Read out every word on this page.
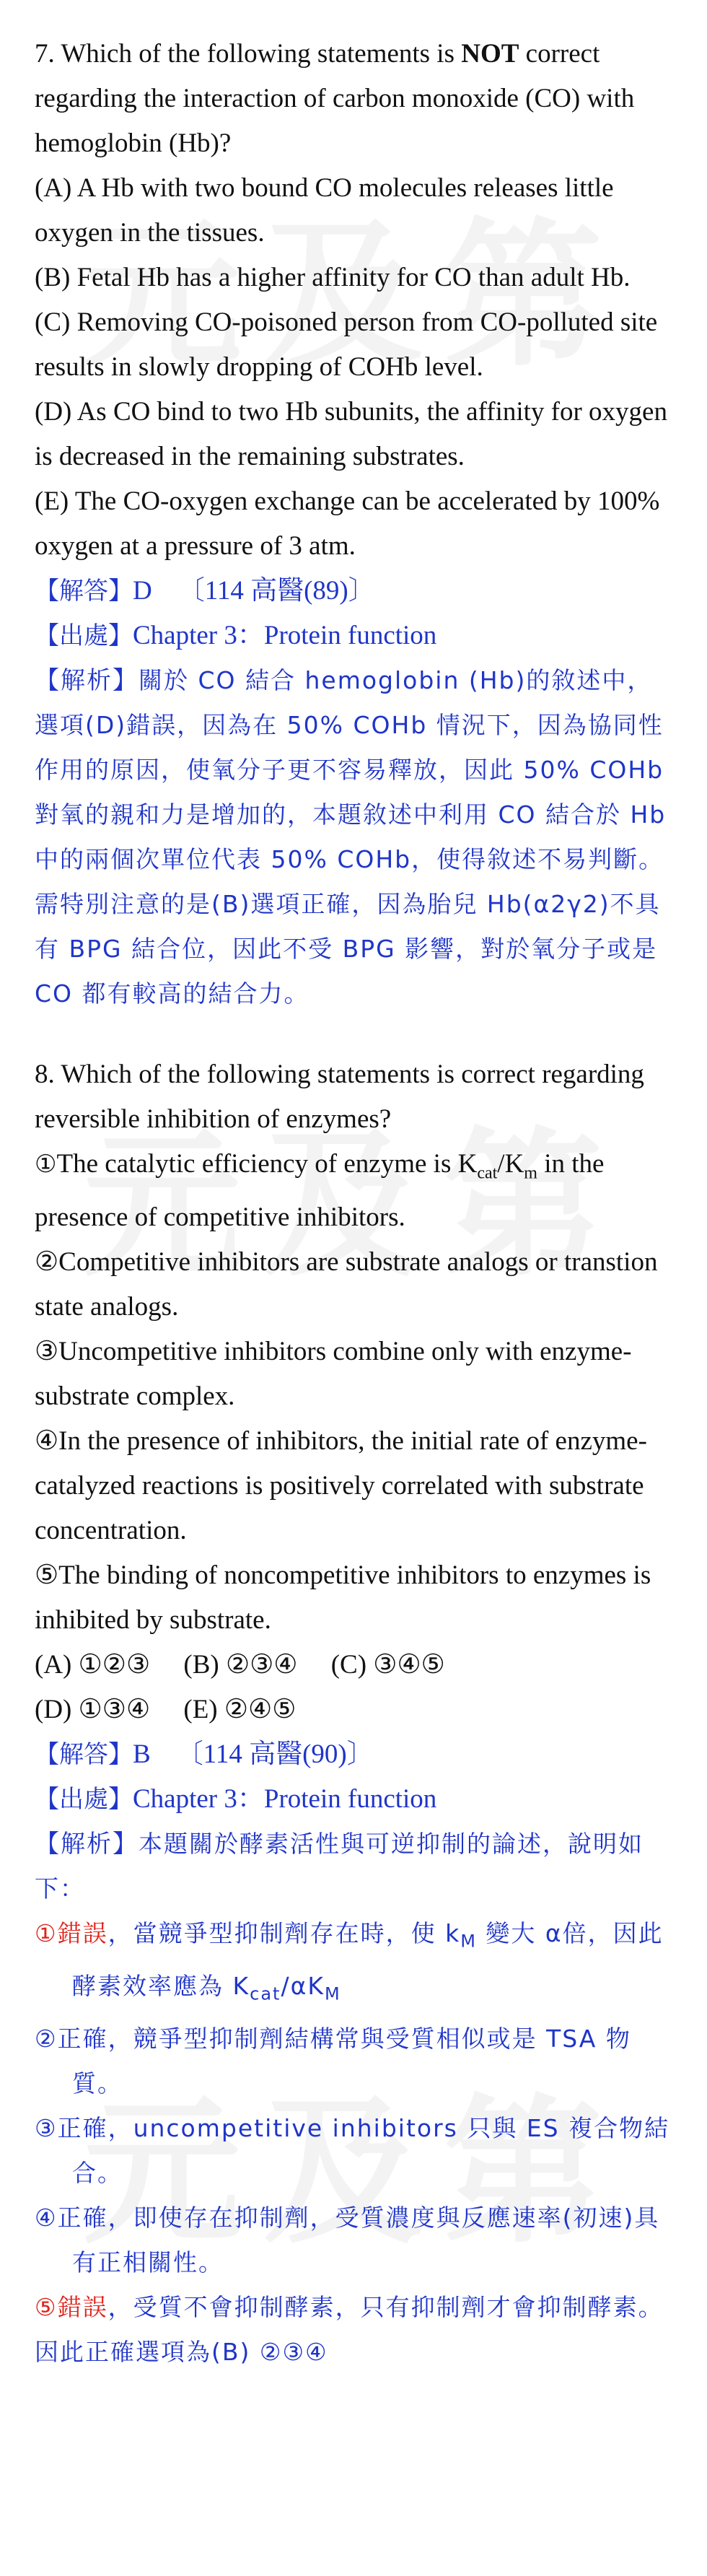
7. Which of the following statements is NOT correct regarding the interaction of carbon monoxide (CO) with hemoglobin (Hb)?

(A) A Hb with two bound CO molecules releases little oxygen in the tissues.

(B) Fetal Hb has a higher affinity for CO than adult Hb.

(C) Removing CO-poisoned person from CO-polluted site results in slowly dropping of COHb level.

(D) As CO bind to two Hb subunits, the affinity for oxygen is decreased in the remaining substrates.

(E) The CO-oxygen exchange can be accelerated by 100% oxygen at a pressure of 3 atm.

【解答】D 〔114 高醫(89)〕
【出處】Chapter 3：Protein function
【解析】關於 CO 結合 hemoglobin (Hb)的敘述中，選項(D)錯誤，因為在 50% COHb 情況下，因為協同性作用的原因，使氧分子更不容易釋放，因此 50% COHb 對氧的親和力是增加的，本題敘述中利用 CO 結合於 Hb 中的兩個次單位代表 50% COHb，使得敘述不易判斷。
需特別注意的是(B)選項正確，因為胎兒 Hb(α2γ2)不具有 BPG 結合位，因此不受 BPG 影響，對於氧分子或是 CO 都有較高的結合力。

8. Which of the following statements is correct regarding reversible inhibition of enzymes?

①The catalytic efficiency of enzyme is $K_{cat}/K_m$ in the presence of competitive inhibitors.

②Competitive inhibitors are substrate analogs or transtion state analogs.

③Uncompetitive inhibitors combine only with enzyme-substrate complex.

④In the presence of inhibitors, the initial rate of enzyme-catalyzed reactions is positively correlated with substrate concentration.

⑤The binding of noncompetitive inhibitors to enzymes is inhibited by substrate.

(A) ①②③     (B) ②③④     (C) ③④⑤
(D) ①③④     (E) ②④⑤
【解答】B 〔114 高醫(90)〕
【出處】Chapter 3：Protein function
【解析】本題關於酵素活性與可逆抑制的論述，說明如下：
①錯誤，當競爭型抑制劑存在時，使 $k_M$ 變大 α倍，因此酵素效率應為 $K_{cat}/\alpha K_M$
②正確，競爭型抑制劑結構常與受質相似或是 TSA 物質。
③正確，uncompetitive inhibitors 只與 ES 複合物結合。
④正確，即使存在抑制劑，受質濃度與反應速率(初速)具有正相關性。
⑤錯誤，受質不會抑制酵素，只有抑制劑才會抑制酵素。
因此正確選項為(B) ②③④
